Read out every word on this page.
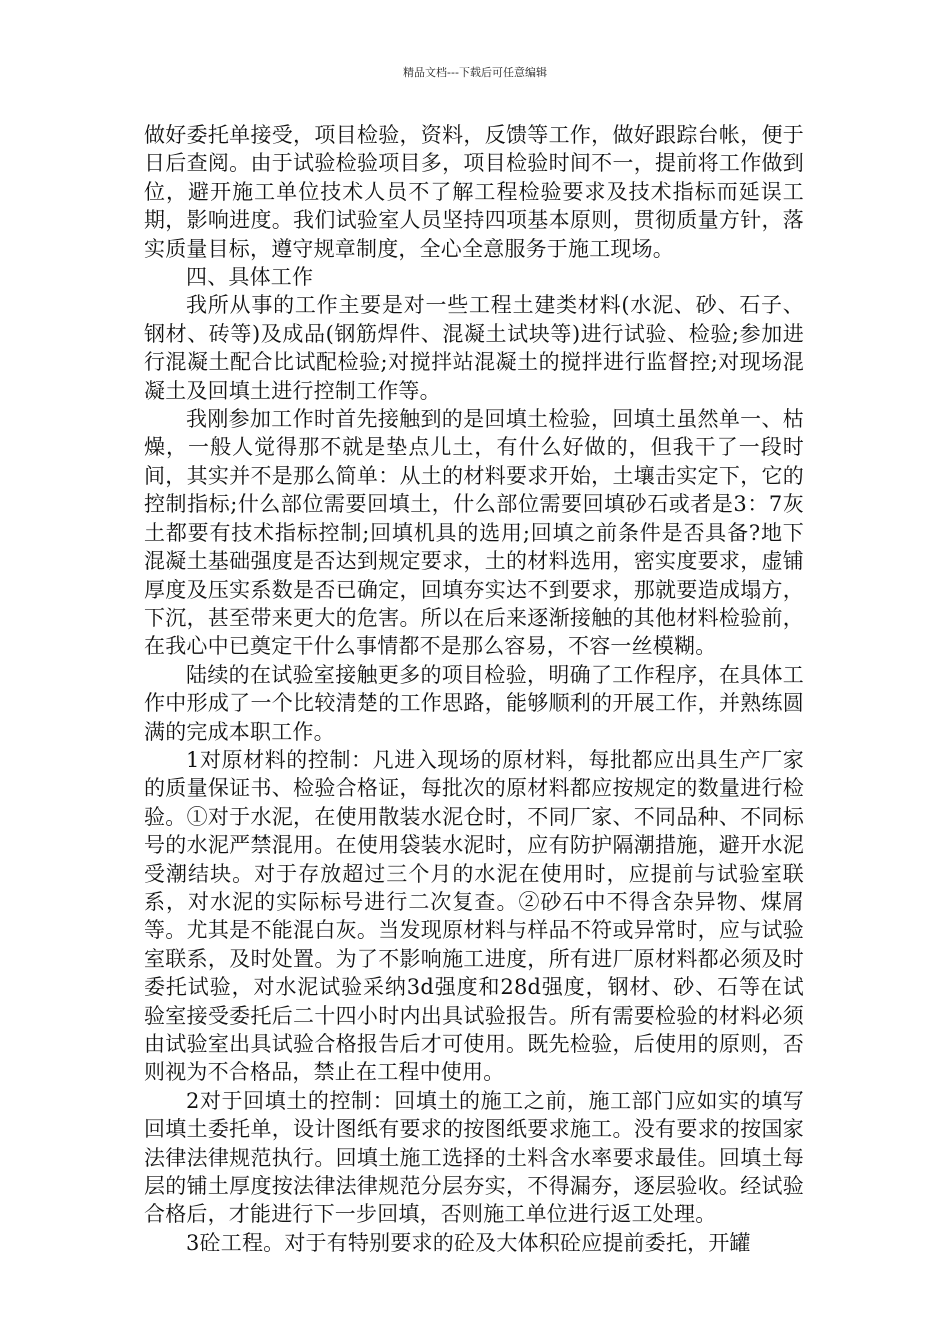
精品文档---下载后可任意编辑

做好委托单接受，项目检验，资料，反馈等工作，做好跟踪台帐，便于日后查阅。由于试验检验项目多，项目检验时间不一，提前将工作做到位，避开施工单位技术人员不了解工程检验要求及技术指标而延误工期，影响进度。我们试验室人员坚持四项基本原则，贯彻质量方针，落实质量目标，遵守规章制度，全心全意服务于施工现场。

四、具体工作

我所从事的工作主要是对一些工程土建类材料(水泥、砂、石子、钢材、砖等)及成品(钢筋焊件、混凝土试块等)进行试验、检验;参加进行混凝土配合比试配检验;对搅拌站混凝土的搅拌进行监督控;对现场混凝土及回填土进行控制工作等。

我刚参加工作时首先接触到的是回填土检验，回填土虽然单一、枯燥，一般人觉得那不就是垫点儿土，有什么好做的，但我干了一段时间，其实并不是那么简单：从土的材料要求开始，土壤击实定下，它的控制指标;什么部位需要回填土，什么部位需要回填砂石或者是3：7灰土都要有技术指标控制;回填机具的选用;回填之前条件是否具备?地下混凝土基础强度是否达到规定要求，土的材料选用，密实度要求，虚铺厚度及压实系数是否已确定，回填夯实达不到要求，那就要造成塌方，下沉，甚至带来更大的危害。所以在后来逐渐接触的其他材料检验前，在我心中已奠定干什么事情都不是那么容易，不容一丝模糊。

陆续的在试验室接触更多的项目检验，明确了工作程序，在具体工作中形成了一个比较清楚的工作思路，能够顺利的开展工作，并熟练圆满的完成本职工作。

1对原材料的控制：凡进入现场的原材料，每批都应出具生产厂家的质量保证书、检验合格证，每批次的原材料都应按规定的数量进行检验。①对于水泥，在使用散装水泥仓时，不同厂家、不同品种、不同标号的水泥严禁混用。在使用袋装水泥时，应有防护隔潮措施，避开水泥受潮结块。对于存放超过三个月的水泥在使用时，应提前与试验室联系，对水泥的实际标号进行二次复查。②砂石中不得含杂异物、煤屑等。尤其是不能混白灰。当发现原材料与样品不符或异常时，应与试验室联系，及时处置。为了不影响施工进度，所有进厂原材料都必须及时委托试验，对水泥试验采纳3d强度和28d强度，钢材、砂、石等在试验室接受委托后二十四小时内出具试验报告。所有需要检验的材料必须由试验室出具试验合格报告后才可使用。既先检验，后使用的原则，否则视为不合格品，禁止在工程中使用。

2对于回填土的控制：回填土的施工之前，施工部门应如实的填写回填土委托单，设计图纸有要求的按图纸要求施工。没有要求的按国家法律法律规范执行。回填土施工选择的土料含水率要求最佳。回填土每层的铺土厚度按法律法律规范分层夯实，不得漏夯，逐层验收。经试验合格后，才能进行下一步回填，否则施工单位进行返工处理。

3砼工程。对于有特别要求的砼及大体积砼应提前委托，开罐
